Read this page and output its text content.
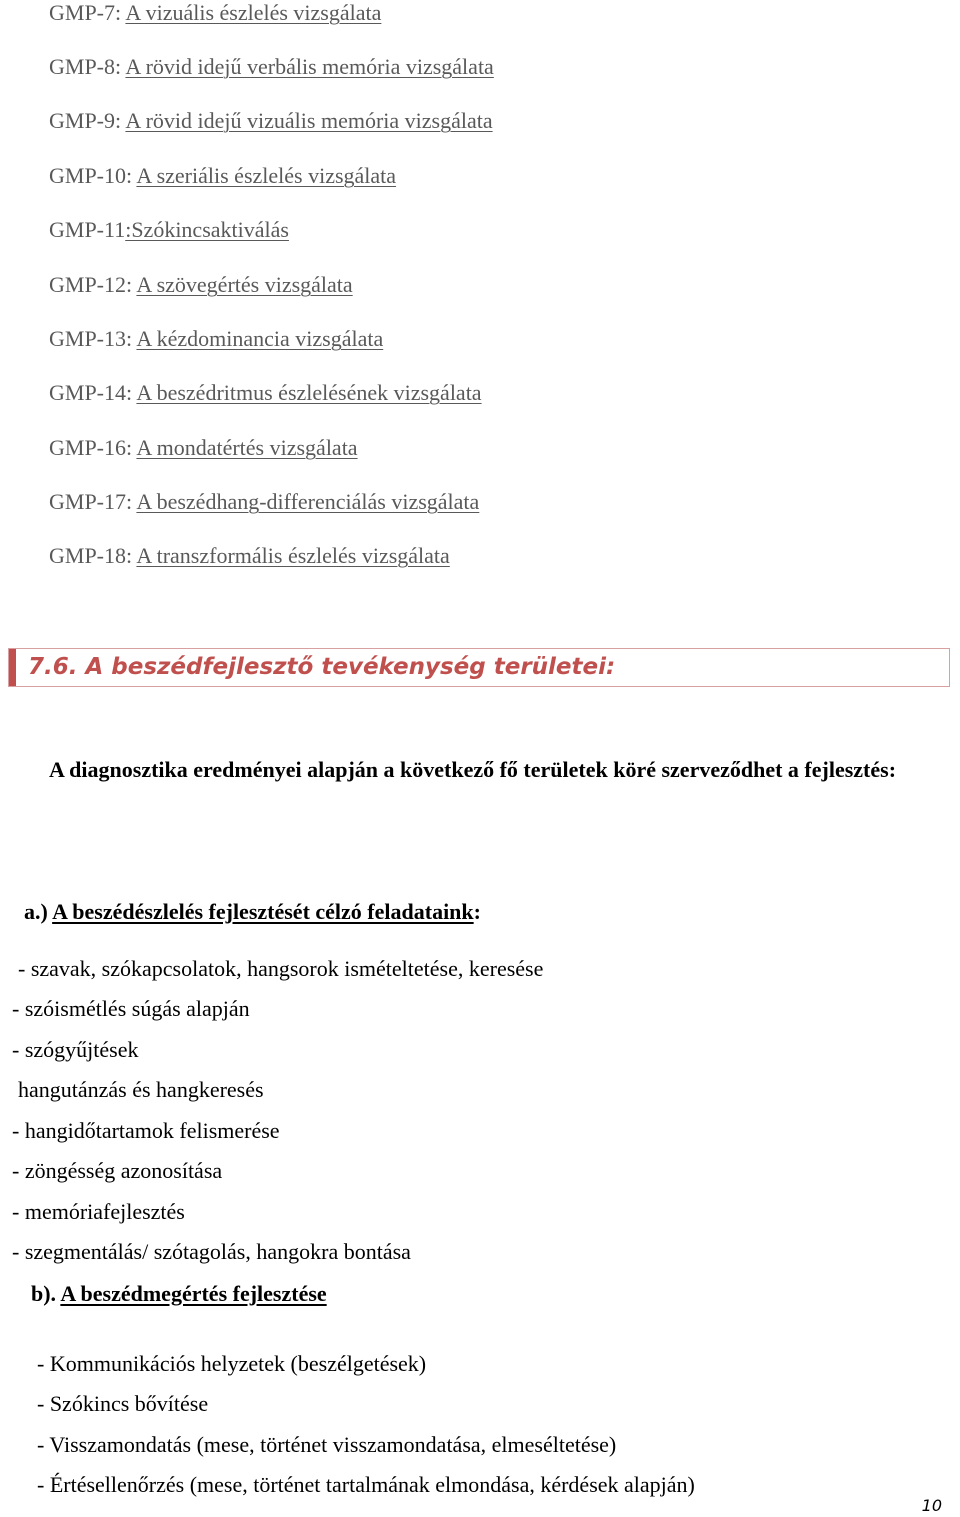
GMP-7: A vizuális észlelés vizsgálata
GMP-8: A rövid idejű verbális memória vizsgálata
GMP-9: A rövid idejű vizuális memória vizsgálata
GMP-10: A szeriális észlelés vizsgálata
GMP-11:Szókincsaktiválás
GMP-12: A szövegértés vizsgálata
GMP-13: A kézdominancia vizsgálata
GMP-14: A beszédritmus észlelésének vizsgálata
GMP-16: A mondatértés vizsgálata
GMP-17: A beszédhang-differenciálás vizsgálata
GMP-18: A transzformális észlelés vizsgálata
7.6. A beszédfejlesztő tevékenység területei:

A diagnosztika eredményei alapján a következő fő területek köré szerveződhet a fejlesztés:

a.) A beszédészlelés fejlesztését célzó feladataink:
- szavak, szókapcsolatok, hangsorok ismételtetése, keresése
- szóismétlés súgás alapján
- szógyűjtések
hangutánzás és hangkeresés
- hangidőtartamok felismerése
- zöngésség azonosítása
- memóriafejlesztés
- szegmentálás/ szótagolás, hangokra bontása
b). A beszédmegértés fejlesztése
- Kommunikációs helyzetek (beszélgetések)
- Szókincs bővítése
- Visszamondatás (mese, történet visszamondatása, elmeséltetése)
- Értésellenőrzés (mese, történet tartalmának elmondása, kérdések alapján)
10
